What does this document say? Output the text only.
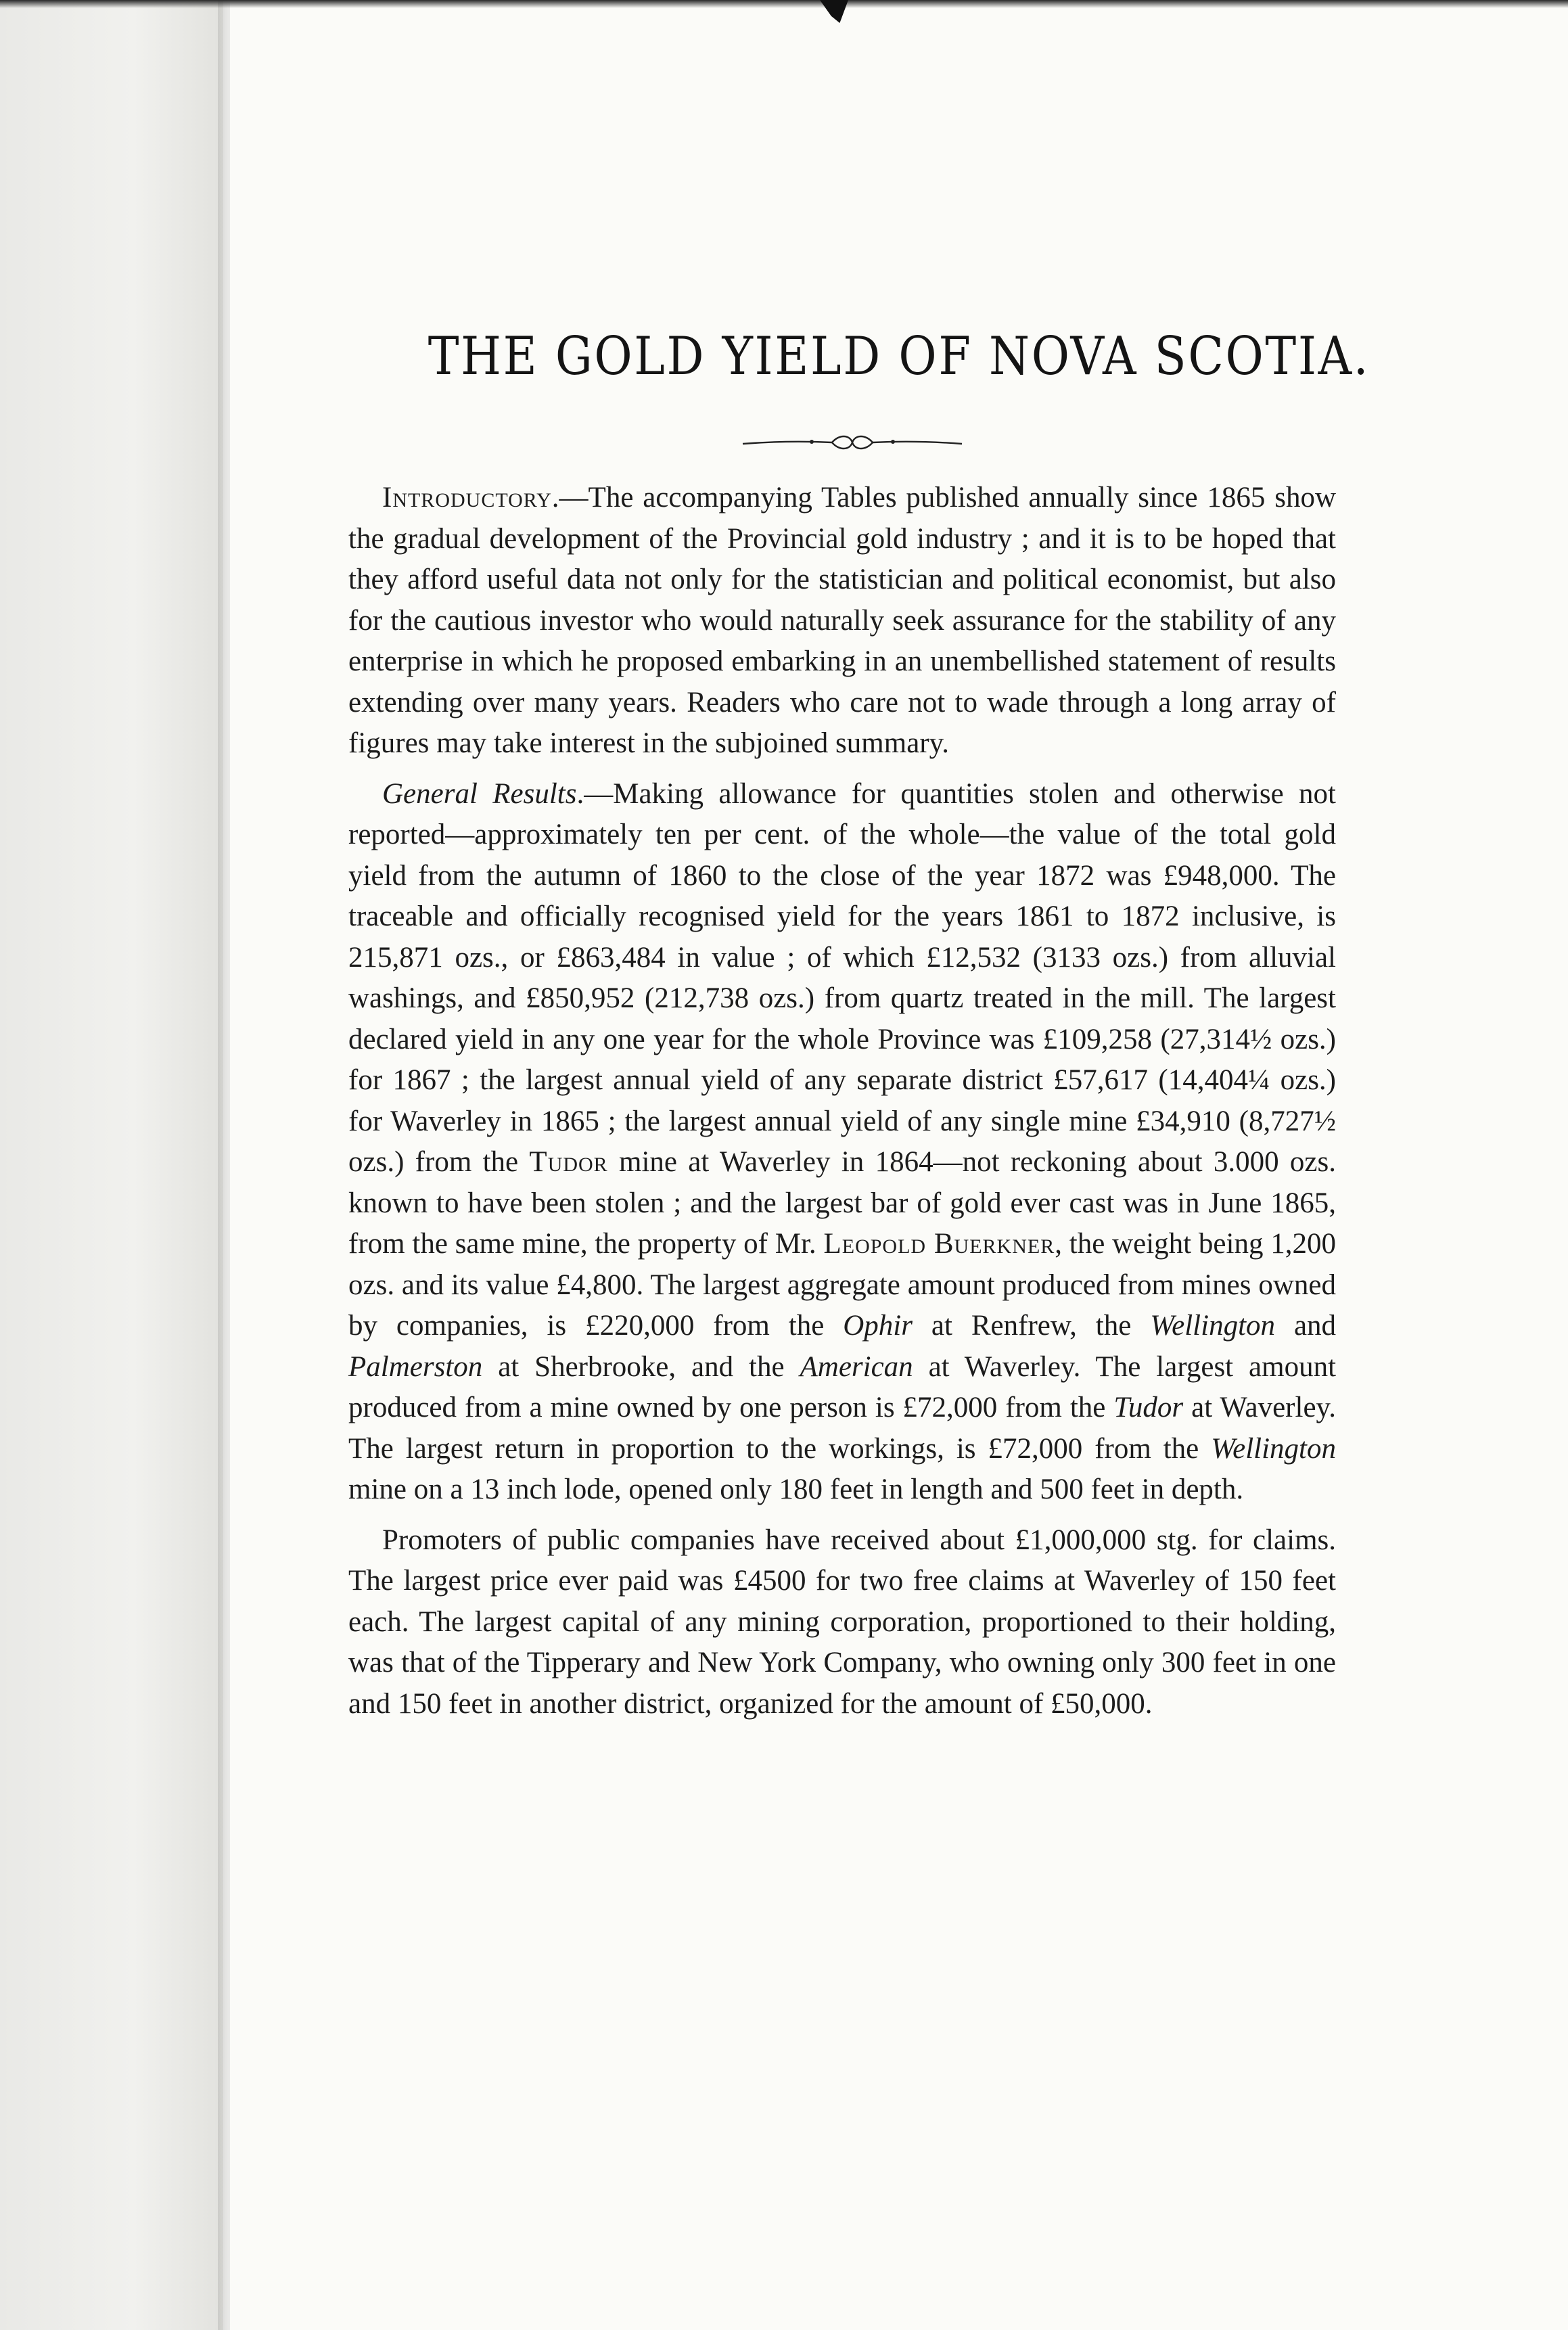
THE GOLD YIELD OF NOVA SCOTIA.

Introductory.—The accompanying Tables published annually since 1865 show the gradual development of the Provincial gold industry ; and it is to be hoped that they afford useful data not only for the statistician and political economist, but also for the cautious investor who would naturally seek assurance for the stability of any enterprise in which he proposed embarking in an unembellished statement of results extending over many years. Readers who care not to wade through a long array of figures may take interest in the subjoined summary.

General Results.—Making allowance for quantities stolen and otherwise not reported—approximately ten per cent. of the whole—the value of the total gold yield from the autumn of 1860 to the close of the year 1872 was £948,000. The traceable and officially recognised yield for the years 1861 to 1872 inclusive, is 215,871 ozs., or £863,484 in value ; of which £12,532 (3133 ozs.) from alluvial washings, and £850,952 (212,738 ozs.) from quartz treated in the mill. The largest declared yield in any one year for the whole Province was £109,258 (27,314½ ozs.) for 1867 ; the largest annual yield of any separate district £57,617 (14,404¼ ozs.) for Waverley in 1865 ; the largest annual yield of any single mine £34,910 (8,727½ ozs.) from the Tudor mine at Waverley in 1864—not reckoning about 3.000 ozs. known to have been stolen ; and the largest bar of gold ever cast was in June 1865, from the same mine, the property of Mr. Leopold Buerkner, the weight being 1,200 ozs. and its value £4,800. The largest aggregate amount produced from mines owned by companies, is £220,000 from the Ophir at Renfrew, the Wellington and Palmerston at Sherbrooke, and the American at Waverley. The largest amount produced from a mine owned by one person is £72,000 from the Tudor at Waverley. The largest return in proportion to the workings, is £72,000 from the Wellington mine on a 13 inch lode, opened only 180 feet in length and 500 feet in depth.

Promoters of public companies have received about £1,000,000 stg. for claims. The largest price ever paid was £4500 for two free claims at Waverley of 150 feet each. The largest capital of any mining corporation, proportioned to their holding, was that of the Tipperary and New York Company, who owning only 300 feet in one and 150 feet in another district, organized for the amount of £50,000.
